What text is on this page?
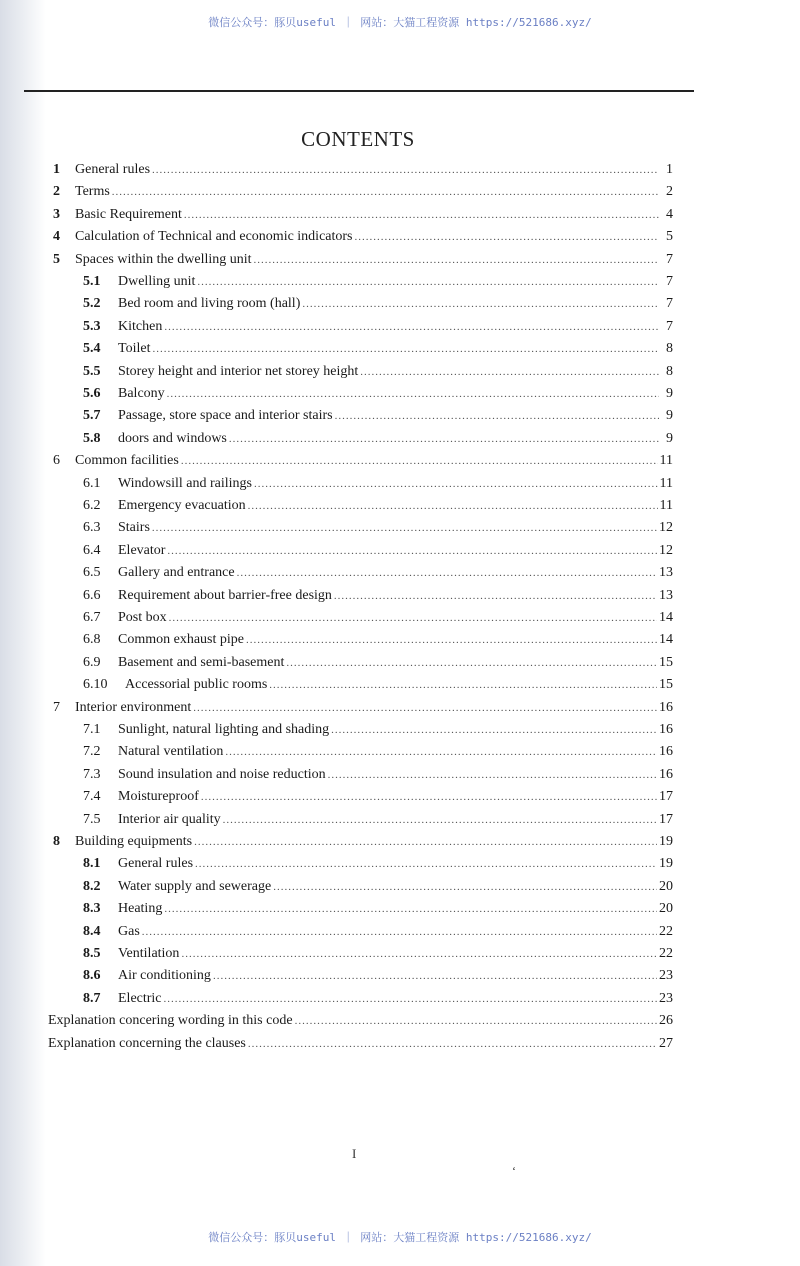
微信公众号：豚贝useful ｜ 网站：大猫工程资源 https://521686.xyz/
CONTENTS
1	General rules .....	1
2	Terms .....	2
3	Basic Requirement .....	4
4	Calculation of Technical and economic indicators .....	5
5	Spaces within the dwelling unit .....	7
5.1	Dwelling unit .....	7
5.2	Bed room and living room (hall) .....	7
5.3	Kitchen .....	7
5.4	Toilet .....	8
5.5	Storey height and interior net storey height .....	8
5.6	Balcony .....	9
5.7	Passage, store space and interior stairs .....	9
5.8	doors and windows .....	9
6	Common facilities .....	11
6.1	Windowsill and railings .....	11
6.2	Emergency evacuation .....	11
6.3	Stairs .....	12
6.4	Elevator .....	12
6.5	Gallery and entrance .....	13
6.6	Requirement about barrier-free design .....	13
6.7	Post box .....	14
6.8	Common exhaust pipe .....	14
6.9	Basement and semi-basement .....	15
6.10	Accessorial public rooms .....	15
7	Interior environment .....	16
7.1	Sunlight, natural lighting and shading .....	16
7.2	Natural ventilation .....	16
7.3	Sound insulation and noise reduction .....	16
7.4	Moistureproof .....	17
7.5	Interior air quality .....	17
8	Building equipments .....	19
8.1	General rules .....	19
8.2	Water supply and sewerage .....	20
8.3	Heating .....	20
8.4	Gas .....	22
8.5	Ventilation .....	22
8.6	Air conditioning .....	23
8.7	Electric .....	23
Explanation concering wording in this code .....	26
Explanation concerning the clauses .....	27
I
‘
微信公众号：豚贝useful ｜ 网站：大猫工程资源 https://521686.xyz/
